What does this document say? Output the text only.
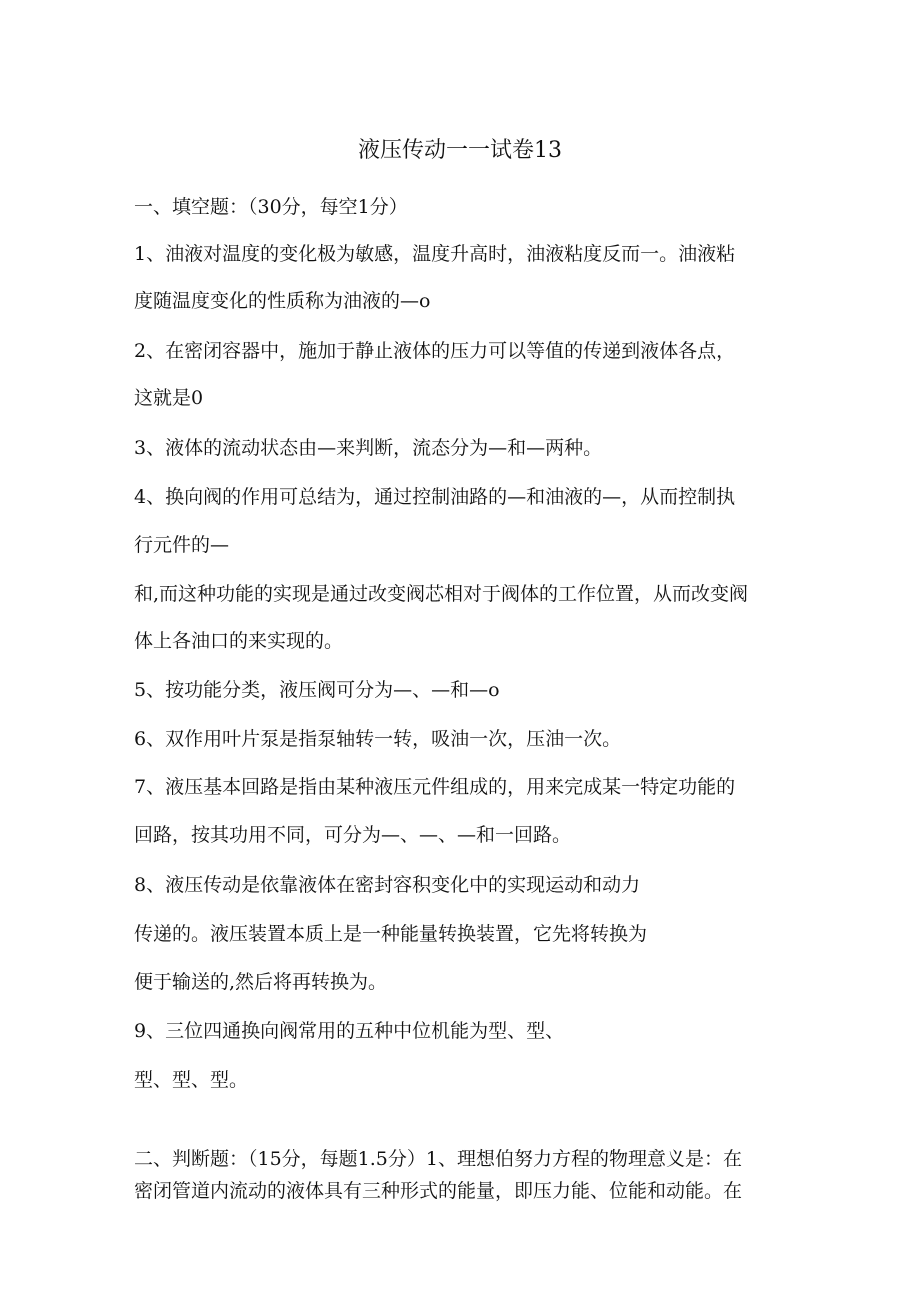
液压传动一一试卷13
一、填空题：（30分，每空1分）
1、油液对温度的变化极为敏感，温度升高时，油液粘度反而一。油液粘
度随温度变化的性质称为油液的—o
2、在密闭容器中，施加于静止液体的压力可以等值的传递到液体各点，
这就是0
3、液体的流动状态由—来判断，流态分为—和—两种。
4、换向阀的作用可总结为，通过控制油路的—和油液的—，从而控制执
行元件的—
和,而这种功能的实现是通过改变阀芯相对于阀体的工作位置，从而改变阀
体上各油口的来实现的。
5、按功能分类，液压阀可分为—、—和—o
6、双作用叶片泵是指泵轴转一转，吸油一次，压油一次。
7、液压基本回路是指由某种液压元件组成的，用来完成某一特定功能的
回路，按其功用不同，可分为—、—、—和一回路。
8、液压传动是依靠液体在密封容积变化中的实现运动和动力
传递的。液压装置本质上是一种能量转换装置，它先将转换为
便于输送的,然后将再转换为。
9、三位四通换向阀常用的五种中位机能为型、型、
型、型、型。
二、判断题：（15分，每题1.5分）1、理想伯努力方程的物理意义是：在
密闭管道内流动的液体具有三种形式的能量，即压力能、位能和动能。在
